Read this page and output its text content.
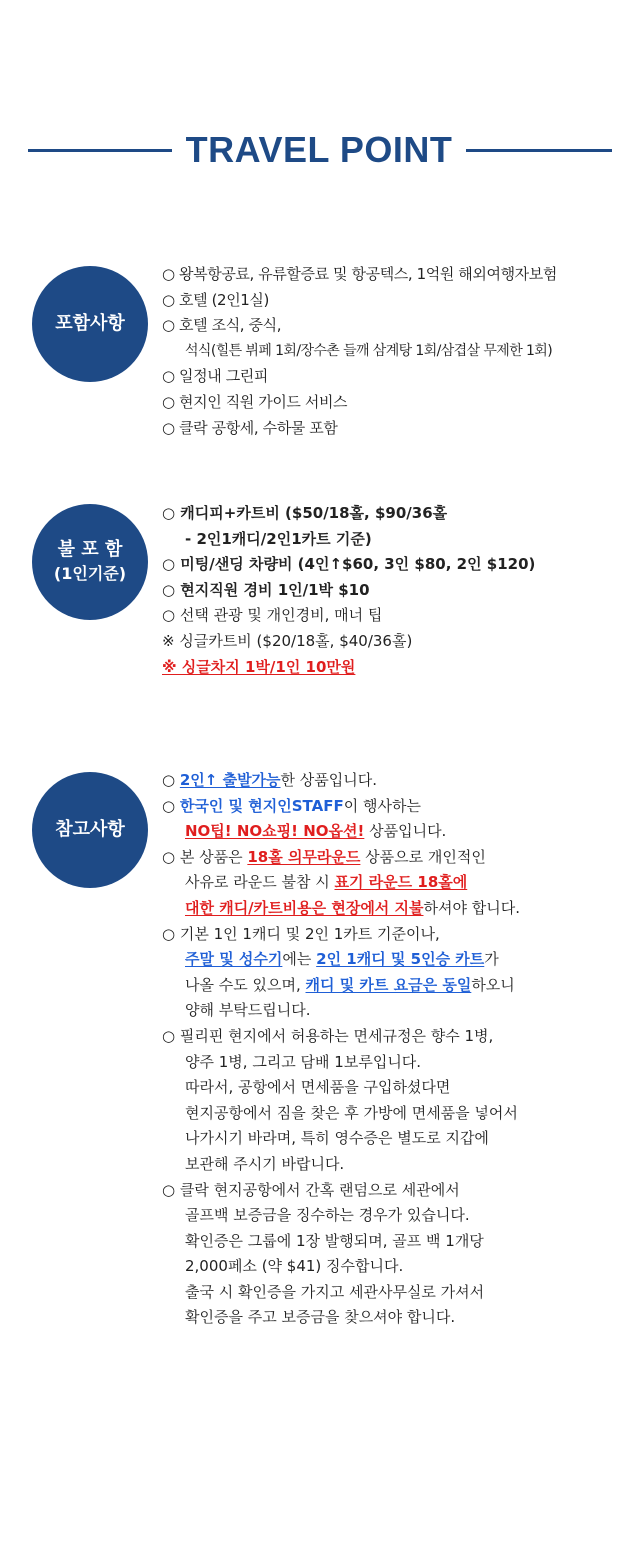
TRAVEL POINT
포함사항
○ 왕복항공료, 유류할증료 및 항공텍스, 1억원 해외여행자보험
○ 호텔 (2인1실)
○ 호텔 조식, 중식,
석식(힐튼 뷔페 1회/장수촌 들깨 삼계탕 1회/삼겹살 무제한 1회)
○ 일정내 그린피
○ 현지인 직원 가이드 서비스
○ 클락 공항세, 수하물 포함
불 포 함
(1인기준)
○ 캐디피+카트비 ($50/18홀, $90/36홀
- 2인1캐디/2인1카트 기준)
○ 미팅/샌딩 차량비 (4인↑$60, 3인 $80, 2인 $120)
○ 현지직원 경비 1인/1박 $10
○ 선택 관광 및 개인경비, 매너 팁
※ 싱글카트비 ($20/18홀, $40/36홀)
※ 싱글차지 1박/1인 10만원
참고사항
○ 2인↑ 출발가능한 상품입니다.
○ 한국인 및 현지인STAFF이 행사하는
NO팁! NO쇼핑! NO옵션! 상품입니다.
○ 본 상품은 18홀 의무라운드 상품으로 개인적인
사유로 라운드 불참 시 표기 라운드 18홀에
대한 캐디/카트비용은 현장에서 지불하셔야 합니다.
○ 기본 1인 1캐디 및 2인 1카트 기준이나,
주말 및 성수기에는 2인 1캐디 및 5인승 카트가
나올 수도 있으며, 캐디 및 카트 요금은 동일하오니
양해 부탁드립니다.
○ 필리핀 현지에서 허용하는 면세규정은 향수 1병,
양주 1병, 그리고 담배 1보루입니다.
따라서, 공항에서 면세품을 구입하셨다면
현지공항에서 짐을 찾은 후 가방에 면세품을 넣어서
나가시기 바라며, 특히 영수증은 별도로 지갑에
보관해 주시기 바랍니다.
○ 클락 현지공항에서 간혹 랜덤으로 세관에서
골프백 보증금을 징수하는 경우가 있습니다.
확인증은 그룹에 1장 발행되며, 골프 백 1개당
2,000페소 (약 $41) 징수합니다.
출국 시 확인증을 가지고 세관사무실로 가셔서
확인증을 주고 보증금을 찾으셔야 합니다.
